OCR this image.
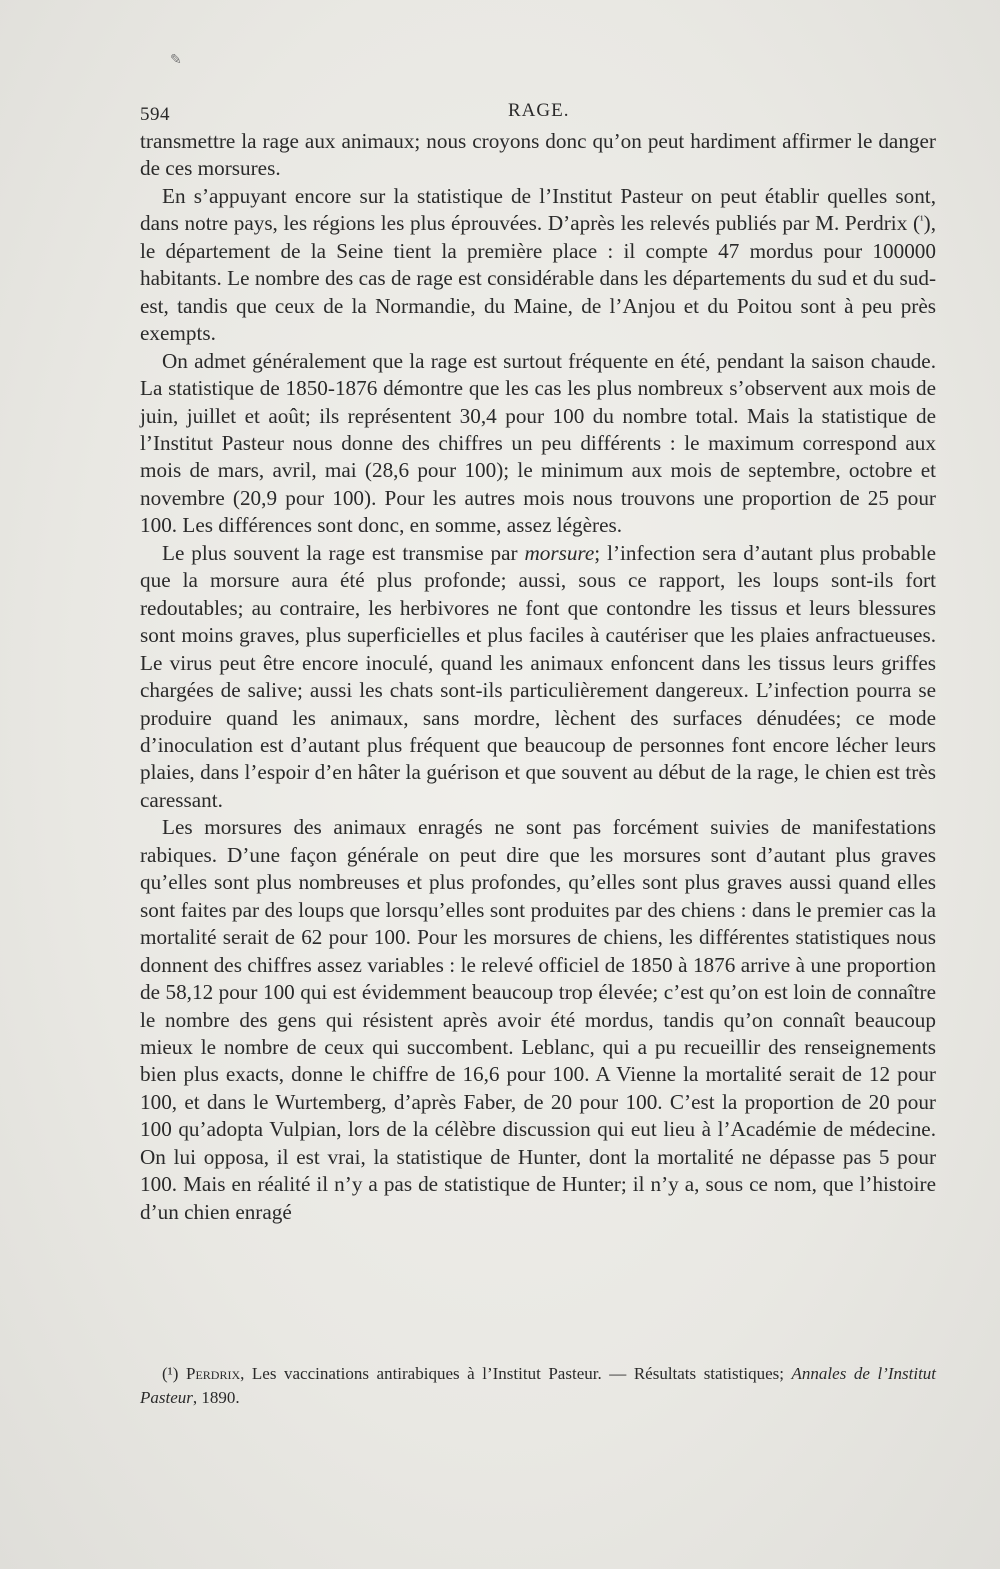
✎
594	RAGE.

transmettre la rage aux animaux; nous croyons donc qu’on peut hardiment affirmer le danger de ces morsures.

En s’appuyant encore sur la statistique de l’Institut Pasteur on peut établir quelles sont, dans notre pays, les régions les plus éprouvées. D’après les relevés publiés par M. Perdrix ($^{^1}$), le département de la Seine tient la première place : il compte 47 mordus pour 100000 habitants. Le nombre des cas de rage est considérable dans les départements du sud et du sud-est, tandis que ceux de la Normandie, du Maine, de l’Anjou et du Poitou sont à peu près exempts.

On admet généralement que la rage est surtout fréquente en été, pendant la saison chaude. La statistique de 1850-1876 démontre que les cas les plus nombreux s’observent aux mois de juin, juillet et août; ils représentent 30,4 pour 100 du nombre total. Mais la statistique de l’Institut Pasteur nous donne des chiffres un peu différents : le maximum correspond aux mois de mars, avril, mai (28,6 pour 100); le minimum aux mois de septembre, octobre et novembre (20,9 pour 100). Pour les autres mois nous trouvons une proportion de 25 pour 100. Les différences sont donc, en somme, assez légères.

Le plus souvent la rage est transmise par morsure; l’infection sera d’autant plus probable que la morsure aura été plus profonde; aussi, sous ce rapport, les loups sont-ils fort redoutables; au contraire, les herbivores ne font que contondre les tissus et leurs blessures sont moins graves, plus superficielles et plus faciles à cautériser que les plaies anfractueuses. Le virus peut être encore inoculé, quand les animaux enfoncent dans les tissus leurs griffes chargées de salive; aussi les chats sont-ils particulièrement dangereux. L’infection pourra se produire quand les animaux, sans mordre, lèchent des surfaces dénudées; ce mode d’inoculation est d’autant plus fréquent que beaucoup de personnes font encore lécher leurs plaies, dans l’espoir d’en hâter la guérison et que souvent au début de la rage, le chien est très caressant.

Les morsures des animaux enragés ne sont pas forcément suivies de manifestations rabiques. D’une façon générale on peut dire que les morsures sont d’autant plus graves qu’elles sont plus nombreuses et plus profondes, qu’elles sont plus graves aussi quand elles sont faites par des loups que lorsqu’elles sont produites par des chiens : dans le premier cas la mortalité serait de 62 pour 100. Pour les morsures de chiens, les différentes statistiques nous donnent des chiffres assez variables : le relevé officiel de 1850 à 1876 arrive à une proportion de 58,12 pour 100 qui est évidemment beaucoup trop élevée; c’est qu’on est loin de connaître le nombre des gens qui résistent après avoir été mordus, tandis qu’on connaît beaucoup mieux le nombre de ceux qui succombent. Leblanc, qui a pu recueillir des renseignements bien plus exacts, donne le chiffre de 16,6 pour 100. A Vienne la mortalité serait de 12 pour 100, et dans le Wurtemberg, d’après Faber, de 20 pour 100. C’est la proportion de 20 pour 100 qu’adopta Vulpian, lors de la célèbre discussion qui eut lieu à l’Académie de médecine. On lui opposa, il est vrai, la statistique de Hunter, dont la mortalité ne dépasse pas 5 pour 100. Mais en réalité il n’y a pas de statistique de Hunter; il n’y a, sous ce nom, que l’histoire d’un chien enragé

(¹) Perdrix, Les vaccinations antirabiques à l’Institut Pasteur. — Résultats statistiques; Annales de l’Institut Pasteur, 1890.
